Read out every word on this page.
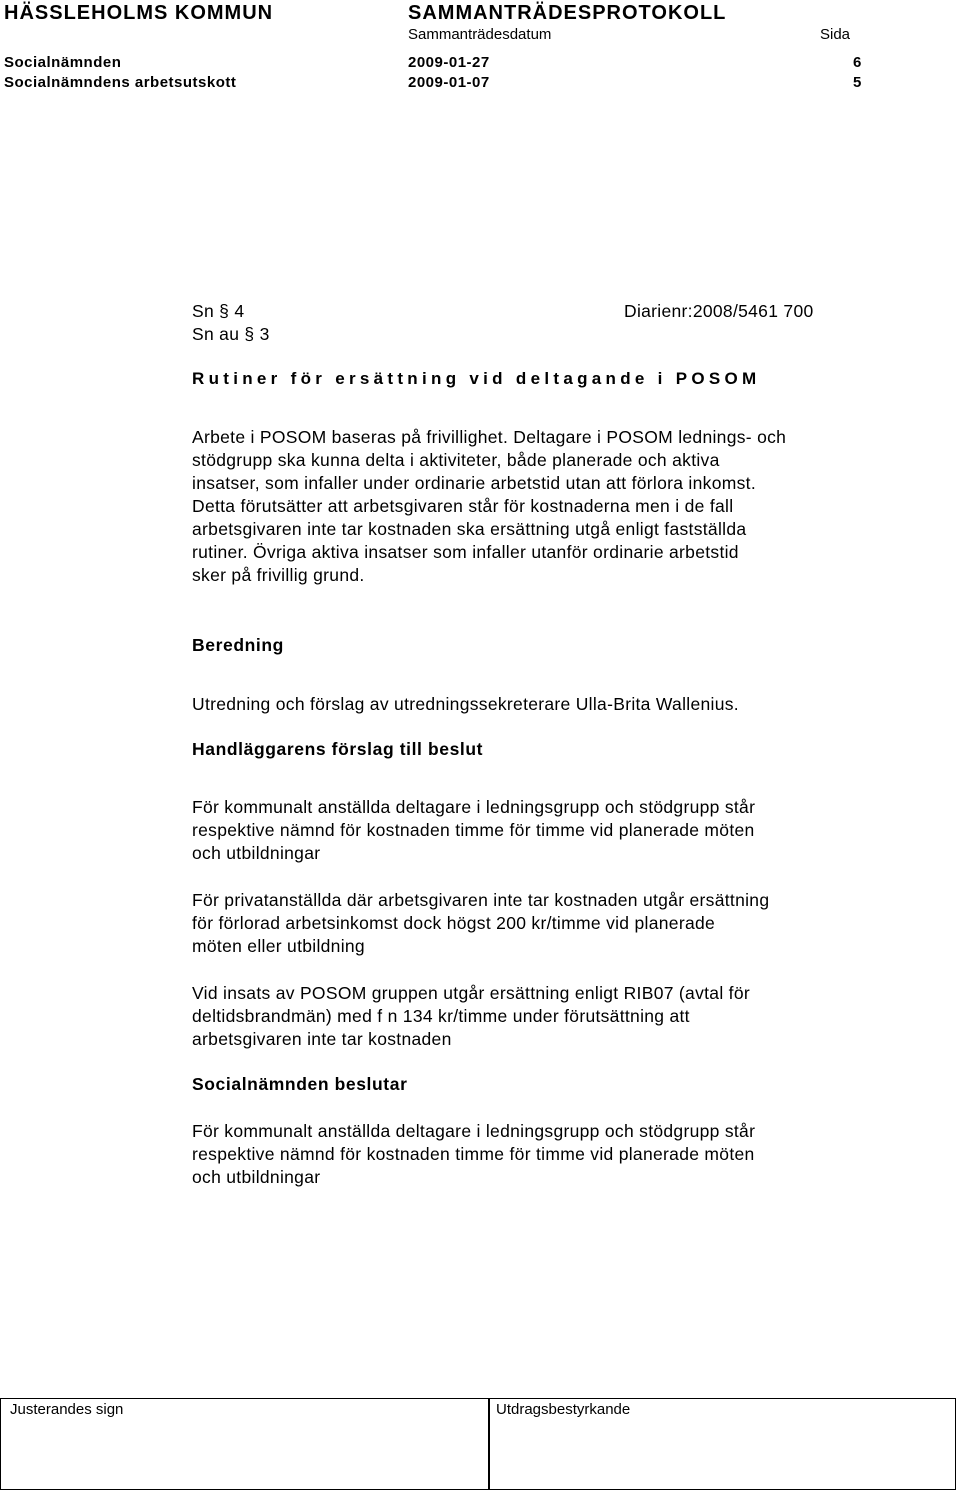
HÄSSLEHOLMS KOMMUN	SAMMANTRÄDESPROTOKOLL
Sammanträdesdatum	Sida
Socialnämnden	2009-01-27	6
Socialnämndens arbetsutskott	2009-01-07	5
Sn § 4	Diarienr:2008/5461 700
Sn au § 3
Rutiner för ersättning vid deltagande i POSOM

Arbete i POSOM baseras på frivillighet. Deltagare i POSOM lednings- och

stödgrupp ska kunna delta i aktiviteter, både planerade och aktiva

insatser, som infaller under ordinarie arbetstid utan att förlora inkomst.

Detta förutsätter att arbetsgivaren står för kostnaderna men i de fall

arbetsgivaren inte tar kostnaden ska ersättning utgå enligt fastställda

rutiner. Övriga aktiva insatser som infaller utanför ordinarie arbetstid

sker på frivillig grund.

Beredning
Utredning och förslag av utredningssekreterare Ulla-Brita Wallenius.
Handläggarens förslag till beslut

För kommunalt anställda deltagare i ledningsgrupp och stödgrupp står

respektive nämnd för kostnaden timme för timme vid planerade möten

och utbildningar

För privatanställda där arbetsgivaren inte tar kostnaden utgår ersättning

för förlorad arbetsinkomst dock högst 200 kr/timme vid planerade

möten eller utbildning

Vid insats av POSOM gruppen utgår ersättning enligt RIB07 (avtal för

deltidsbrandmän) med f n 134 kr/timme under förutsättning att

arbetsgivaren inte tar kostnaden

Socialnämnden beslutar

För kommunalt anställda deltagare i ledningsgrupp och stödgrupp står

respektive nämnd för kostnaden timme för timme vid planerade möten

och utbildningar

Justerandes sign	Utdragsbestyrkande
